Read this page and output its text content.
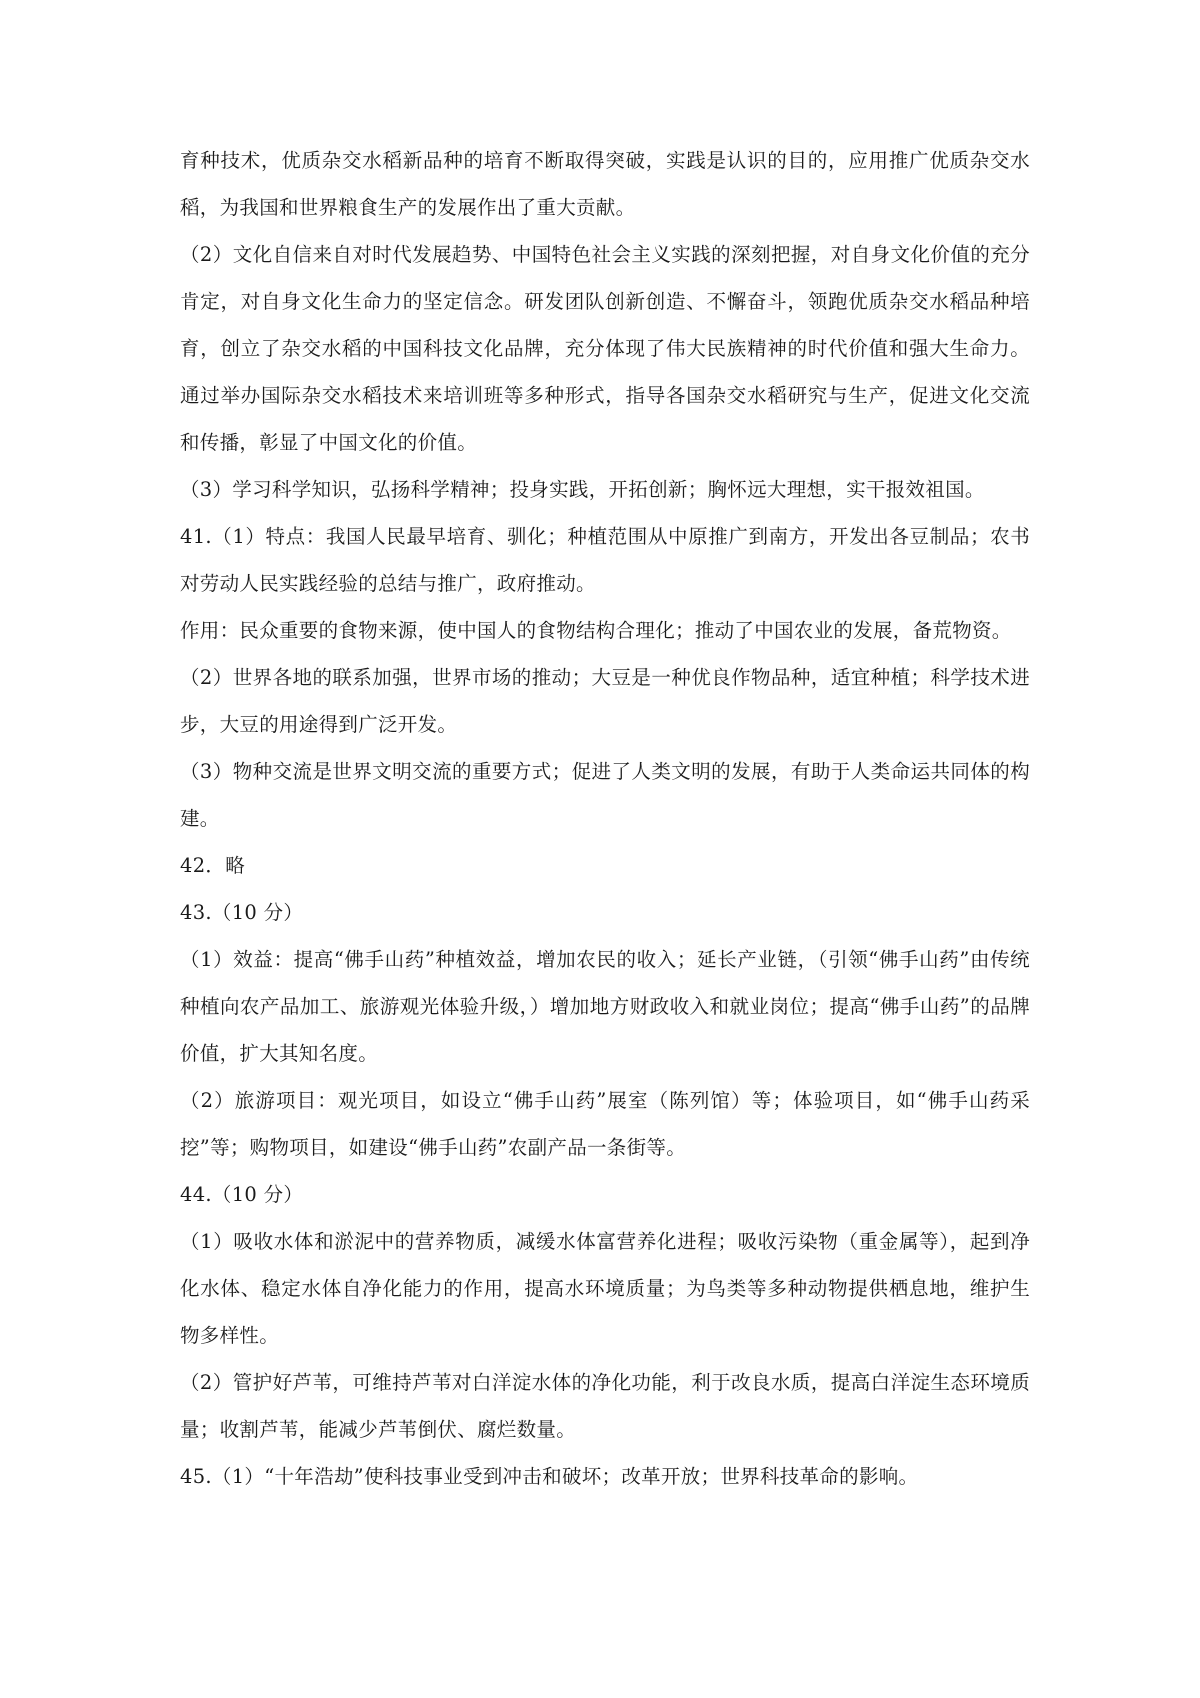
育种技术，优质杂交水稻新品种的培育不断取得突破，实践是认识的目的，应用推广优质杂交水稻，为我国和世界粮食生产的发展作出了重大贡献。

（2）文化自信来自对时代发展趋势、中国特色社会主义实践的深刻把握，对自身文化价值的充分肯定，对自身文化生命力的坚定信念。研发团队创新创造、不懈奋斗，领跑优质杂交水稻品种培育，创立了杂交水稻的中国科技文化品牌，充分体现了伟大民族精神的时代价值和强大生命力。通过举办国际杂交水稻技术来培训班等多种形式，指导各国杂交水稻研究与生产，促进文化交流和传播，彰显了中国文化的价值。

（3）学习科学知识，弘扬科学精神；投身实践，开拓创新；胸怀远大理想，实干报效祖国。

41.（1）特点：我国人民最早培育、驯化；种植范围从中原推广到南方，开发出各豆制品；农书对劳动人民实践经验的总结与推广，政府推动。

作用：民众重要的食物来源，使中国人的食物结构合理化；推动了中国农业的发展，备荒物资。

（2）世界各地的联系加强，世界市场的推动；大豆是一种优良作物品种，适宜种植；科学技术进步，大豆的用途得到广泛开发。

（3）物种交流是世界文明交流的重要方式；促进了人类文明的发展，有助于人类命运共同体的构建。

42．略

43.（10 分）

（1）效益：提高“佛手山药”种植效益，增加农民的收入；延长产业链，（引领“佛手山药”由传统种植向农产品加工、旅游观光体验升级，）增加地方财政收入和就业岗位；提高“佛手山药”的品牌价值，扩大其知名度。

（2）旅游项目：观光项目，如设立“佛手山药”展室（陈列馆）等；体验项目，如“佛手山药采挖”等；购物项目，如建设“佛手山药”农副产品一条街等。

44.（10 分）

（1）吸收水体和淤泥中的营养物质，减缓水体富营养化进程；吸收污染物（重金属等），起到净化水体、稳定水体自净化能力的作用，提高水环境质量；为鸟类等多种动物提供栖息地，维护生物多样性。

（2）管护好芦苇，可维持芦苇对白洋淀水体的净化功能，利于改良水质，提高白洋淀生态环境质量；收割芦苇，能减少芦苇倒伏、腐烂数量。

45.（1）“十年浩劫”使科技事业受到冲击和破坏；改革开放；世界科技革命的影响。
